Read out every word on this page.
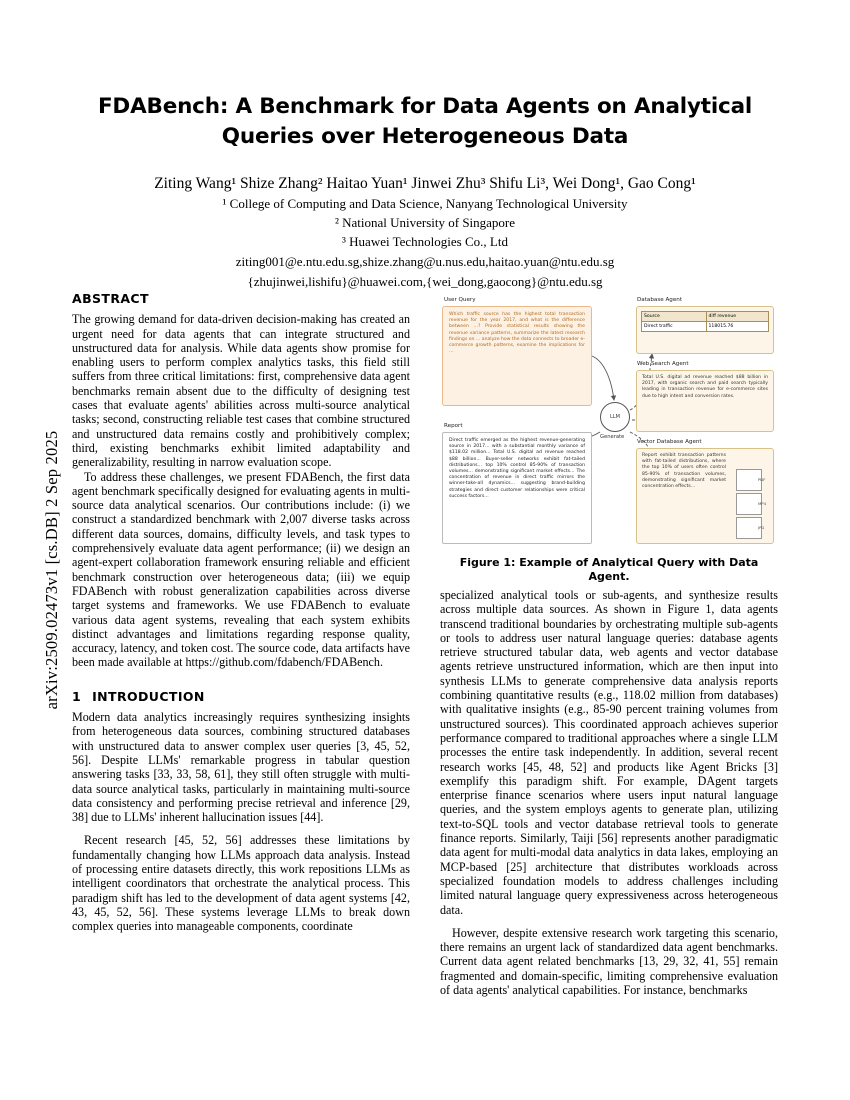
arXiv:2509.02473v1 [cs.DB] 2 Sep 2025
FDABench: A Benchmark for Data Agents on Analytical Queries over Heterogeneous Data
Ziting Wang¹ Shize Zhang² Haitao Yuan¹ Jinwei Zhu³ Shifu Li³, Wei Dong¹, Gao Cong¹
¹ College of Computing and Data Science, Nanyang Technological University
² National University of Singapore
³ Huawei Technologies Co., Ltd
ziting001@e.ntu.edu.sg,shize.zhang@u.nus.edu,haitao.yuan@ntu.edu.sg
{zhujinwei,lishifu}@huawei.com,{wei_dong,gaocong}@ntu.edu.sg
ABSTRACT

The growing demand for data-driven decision-making has created an urgent need for data agents that can integrate structured and unstructured data for analysis. While data agents show promise for enabling users to perform complex analytics tasks, this field still suffers from three critical limitations: first, comprehensive data agent benchmarks remain absent due to the difficulty of designing test cases that evaluate agents' abilities across multi-source analytical tasks; second, constructing reliable test cases that combine structured and unstructured data remains costly and prohibitively complex; third, existing benchmarks exhibit limited adaptability and generalizability, resulting in narrow evaluation scope.

To address these challenges, we present FDABench, the first data agent benchmark specifically designed for evaluating agents in multi-source data analytical scenarios. Our contributions include: (i) we construct a standardized benchmark with 2,007 diverse tasks across different data sources, domains, difficulty levels, and task types to comprehensively evaluate data agent performance; (ii) we design an agent-expert collaboration framework ensuring reliable and efficient benchmark construction over heterogeneous data; (iii) we equip FDABench with robust generalization capabilities across diverse target systems and frameworks. We use FDABench to evaluate various data agent systems, revealing that each system exhibits distinct advantages and limitations regarding response quality, accuracy, latency, and token cost. The source code, data artifacts have been made available at https://github.com/fdabench/FDABench.

1 INTRODUCTION

Modern data analytics increasingly requires synthesizing insights from heterogeneous data sources, combining structured databases with unstructured data to answer complex user queries [3, 45, 52, 56]. Despite LLMs' remarkable progress in tabular question answering tasks [33, 33, 58, 61], they still often struggle with multi-data source analytical tasks, particularly in maintaining multi-source data consistency and performing precise retrieval and inference [29, 38] due to LLMs' inherent hallucination issues [44].

Recent research [45, 52, 56] addresses these limitations by fundamentally changing how LLMs approach data analysis. Instead of processing entire datasets directly, this work repositions LLMs as intelligent coordinators that orchestrate the analytical process. This paradigm shift has led to the development of data agent systems [42, 43, 45, 52, 56]. These systems leverage LLMs to break down complex queries into manageable components, coordinate

User Query
Which traffic source has the highest total transaction revenue for the year 2017, and what is the difference between ...? Provide statistical results showing the revenue variance patterns, summarize the latest research findings on ... analyze how the data connects to broader e-commerce growth patterns, examine the implications for ...
Database Agent
Source	diff revenue
Direct traffic	118015.76
Web Search Agent
Total U.S. digital ad revenue reached $88 billion in 2017, with organic search and paid search typically leading in transaction revenue for e-commerce sites due to high intent and conversion rates.
Vector Database Agent
Report exhibit transaction patterns with fat-tailed distributions, where the top 10% of users often control 85-90% of transaction volumes, demonstrating significant market concentration effects...
PDF
MP4
JPG
LLM
Generate
Report
Direct traffic emerged as the highest revenue-generating source in 2017... with a substantial monthly variance of $118.02 million... Total U.S. digital ad revenue reached $88 billion... Buyer-seller networks exhibit fat-tailed distributions... top 10% control 85-90% of transaction volumes... demonstrating significant market effects... The concentration of revenue in direct traffic mirrors the winner-take-all dynamics... suggesting brand-building strategies and direct customer relationships were critical success factors...
Figure 1: Example of Analytical Query with Data Agent.

specialized analytical tools or sub-agents, and synthesize results across multiple data sources. As shown in Figure 1, data agents transcend traditional boundaries by orchestrating multiple sub-agents or tools to address user natural language queries: database agents retrieve structured tabular data, web agents and vector database agents retrieve unstructured information, which are then input into synthesis LLMs to generate comprehensive data analysis reports combining quantitative results (e.g., 118.02 million from databases) with qualitative insights (e.g., 85-90 percent training volumes from unstructured sources). This coordinated approach achieves superior performance compared to traditional approaches where a single LLM processes the entire task independently. In addition, several recent research works [45, 48, 52] and products like Agent Bricks [3] exemplify this paradigm shift. For example, DAgent targets enterprise finance scenarios where users input natural language queries, and the system employs agents to generate plan, utilizing text-to-SQL tools and vector database retrieval tools to generate finance reports. Similarly, Taiji [56] represents another paradigmatic data agent for multi-modal data analytics in data lakes, employing an MCP-based [25] architecture that distributes workloads across specialized foundation models to address challenges including limited natural language query expressiveness across heterogeneous data.

However, despite extensive research work targeting this scenario, there remains an urgent lack of standardized data agent benchmarks. Current data agent related benchmarks [13, 29, 32, 41, 55] remain fragmented and domain-specific, limiting comprehensive evaluation of data agents' analytical capabilities. For instance, benchmarks
